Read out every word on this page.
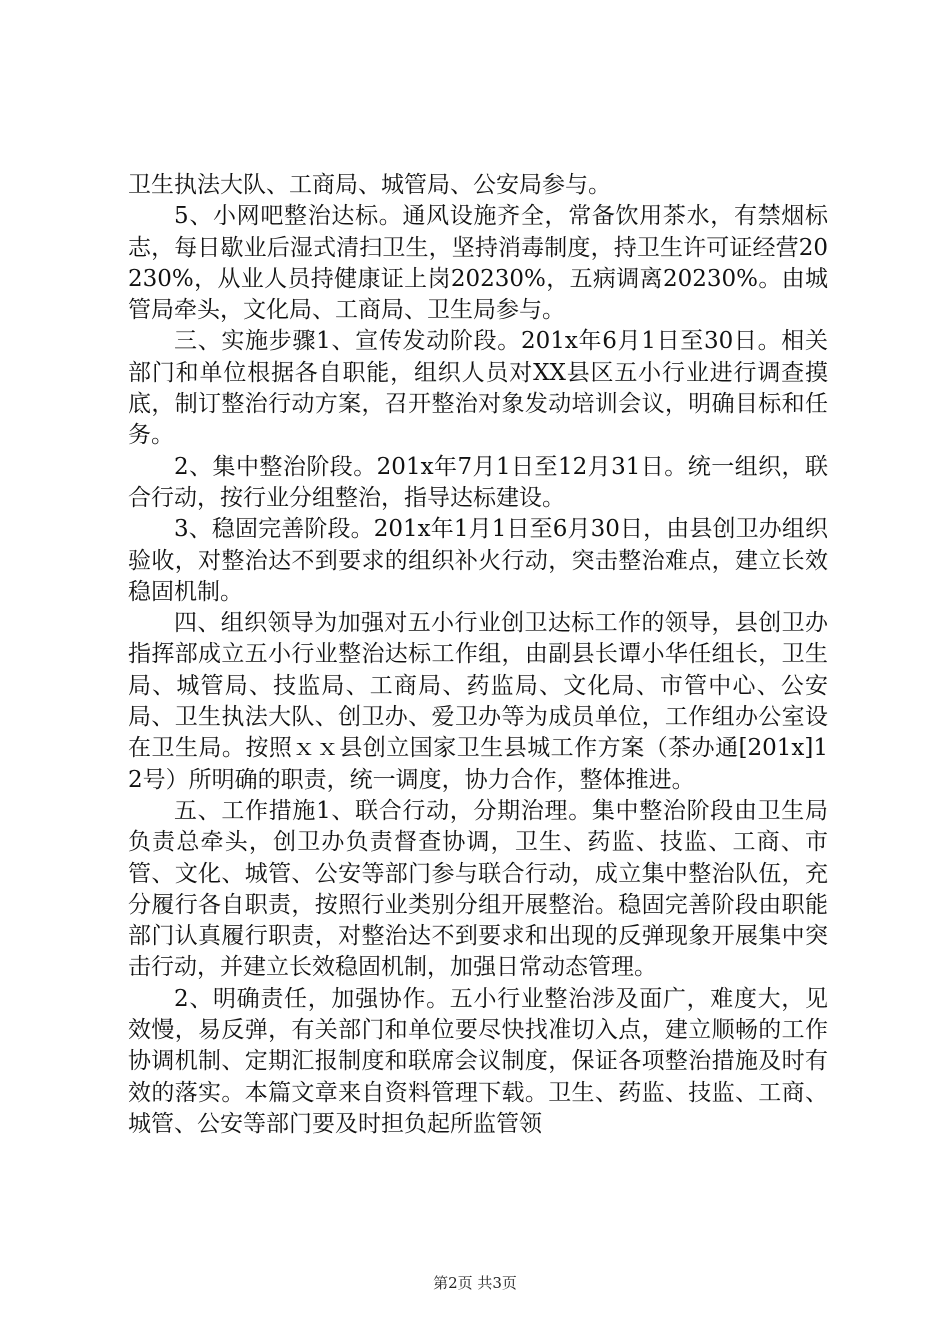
卫生执法大队、工商局、城管局、公安局参与。

5、小网吧整治达标。通风设施齐全，常备饮用茶水，有禁烟标志，每日歇业后湿式清扫卫生，坚持消毒制度，持卫生许可证经营20230%，从业人员持健康证上岗20230%，五病调离20230%。由城管局牵头，文化局、工商局、卫生局参与。

三、实施步骤1、宣传发动阶段。201x年6月1日至30日。相关部门和单位根据各自职能，组织人员对XX县区五小行业进行调查摸底，制订整治行动方案，召开整治对象发动培训会议，明确目标和任务。

2、集中整治阶段。201x年7月1日至12月31日。统一组织，联合行动，按行业分组整治，指导达标建设。

3、稳固完善阶段。201x年1月1日至6月30日，由县创卫办组织验收，对整治达不到要求的组织补火行动，突击整治难点，建立长效稳固机制。

四、组织领导为加强对五小行业创卫达标工作的领导，县创卫办指挥部成立五小行业整治达标工作组，由副县长谭小华任组长，卫生局、城管局、技监局、工商局、药监局、文化局、市管中心、公安局、卫生执法大队、创卫办、爱卫办等为成员单位，工作组办公室设在卫生局。按照ｘｘ县创立国家卫生县城工作方案（茶办通[201x]12号）所明确的职责，统一调度，协力合作，整体推进。

五、工作措施1、联合行动，分期治理。集中整治阶段由卫生局负责总牵头，创卫办负责督查协调，卫生、药监、技监、工商、市管、文化、城管、公安等部门参与联合行动，成立集中整治队伍，充分履行各自职责，按照行业类别分组开展整治。稳固完善阶段由职能部门认真履行职责，对整治达不到要求和出现的反弹现象开展集中突击行动，并建立长效稳固机制，加强日常动态管理。

2、明确责任，加强协作。五小行业整治涉及面广，难度大，见效慢，易反弹，有关部门和单位要尽快找准切入点，建立顺畅的工作协调机制、定期汇报制度和联席会议制度，保证各项整治措施及时有效的落实。本篇文章来自资料管理下载。卫生、药监、技监、工商、城管、公安等部门要及时担负起所监管领

第2页 共3页
